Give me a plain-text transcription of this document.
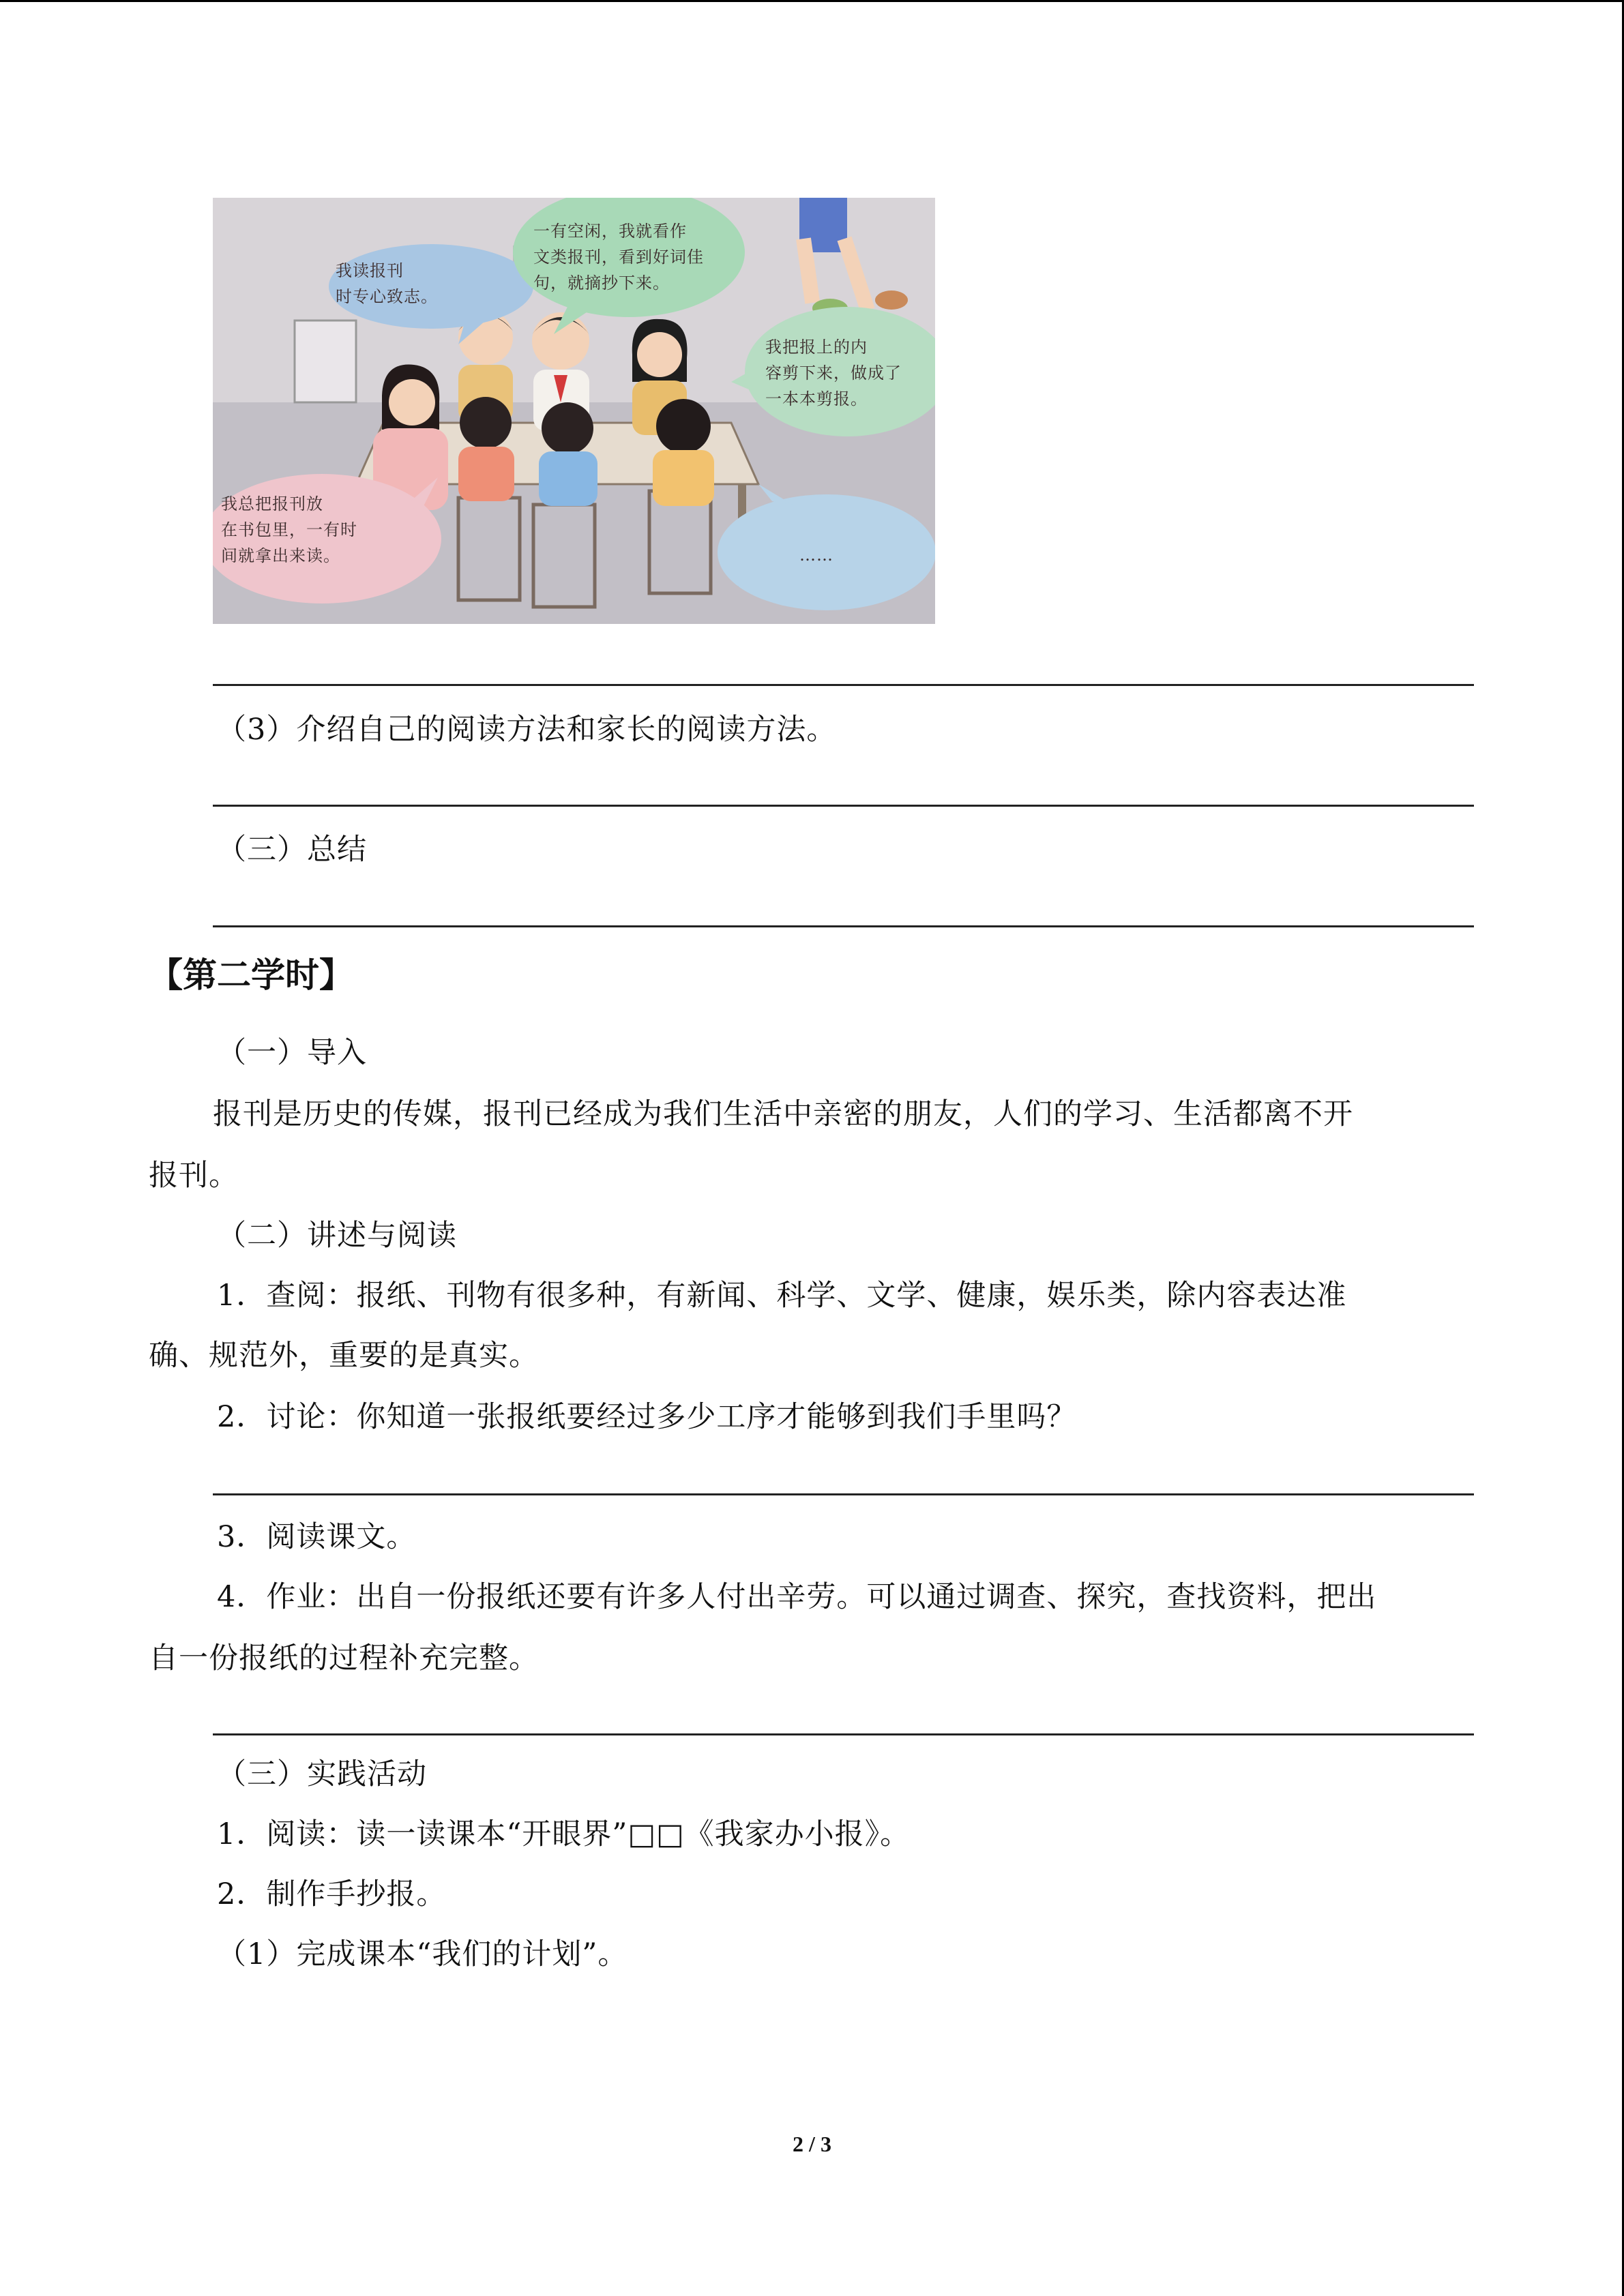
我读报刊
时专心致志。
一有空闲，我就看作
文类报刊，看到好词佳
句，就摘抄下来。
我把报上的内
容剪下来，做成了
一本本剪报。
我总把报刊放
在书包里，一有时
间就拿出来读。	……
（3）介绍自己的阅读方法和家长的阅读方法。
（三）总结
【第二学时】
（一）导入
报刊是历史的传媒，报刊已经成为我们生活中亲密的朋友，人们的学习、生活都离不开
报刊。
（二）讲述与阅读
1．查阅：报纸、刊物有很多种，有新闻、科学、文学、健康，娱乐类，除内容表达准
确、规范外，重要的是真实。
2．讨论：你知道一张报纸要经过多少工序才能够到我们手里吗？
3．阅读课文。
4．作业：出自一份报纸还要有许多人付出辛劳。可以通过调查、探究，查找资料，把出
自一份报纸的过程补充完整。
（三）实践活动
1．阅读：读一读课本“开眼界”□□《我家办小报》。
2．制作手抄报。
（1）完成课本“我们的计划”。
2 / 3
